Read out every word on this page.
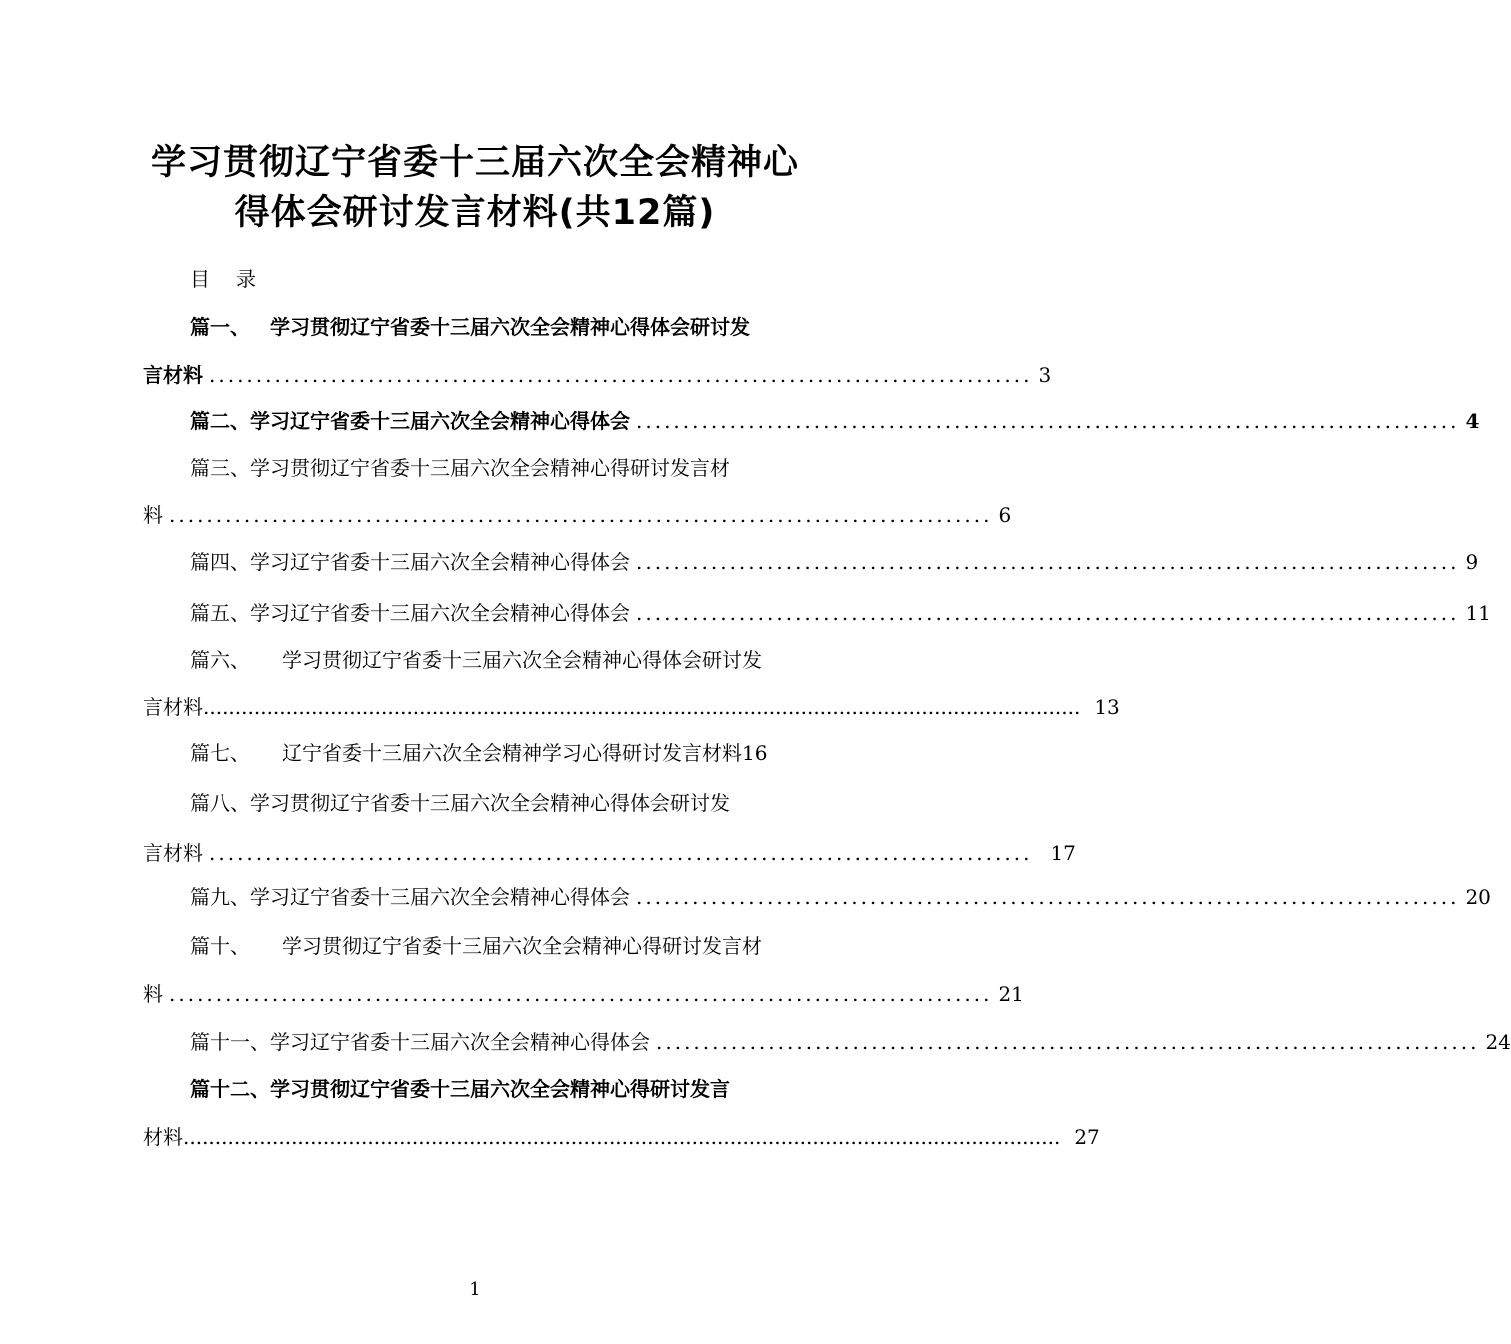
学习贯彻辽宁省委十三届六次全会精神心
得体会研讨发言材料(共12篇)
目 录
篇一、 学习贯彻辽宁省委十三届六次全会精神心得体会研讨发
言材料 ........................................................................................ 3
篇二、 学习辽宁省委十三届六次全会精神心得体会 ........................................................................................ 4
篇三、学习贯彻辽宁省委十三届六次全会精神心得研讨发言材
料 ........................................................................................ 6
篇四、 学习辽宁省委十三届六次全会精神心得体会 ........................................................................................ 9
篇五、 学习辽宁省委十三届六次全会精神心得体会 ........................................................................................ 11
篇六、 学习贯彻辽宁省委十三届六次全会精神心得体会研讨发
言材料 .......................................................................................................................................... 13
篇七、 辽宁省委十三届六次全会精神学习心得研讨发言材料16
篇八、学习贯彻辽宁省委十三届六次全会精神心得体会研讨发
言材料 ........................................................................................ 17
篇九、 学习辽宁省委十三届六次全会精神心得体会 ........................................................................................ 20
篇十、 学习贯彻辽宁省委十三届六次全会精神心得研讨发言材
料 ........................................................................................ 21
篇十一、 学习辽宁省委十三届六次全会精神心得体会 ........................................................................................ 24
篇十二、学习贯彻辽宁省委十三届六次全会精神心得研讨发言
材料 .......................................................................................................................................... 27
1
